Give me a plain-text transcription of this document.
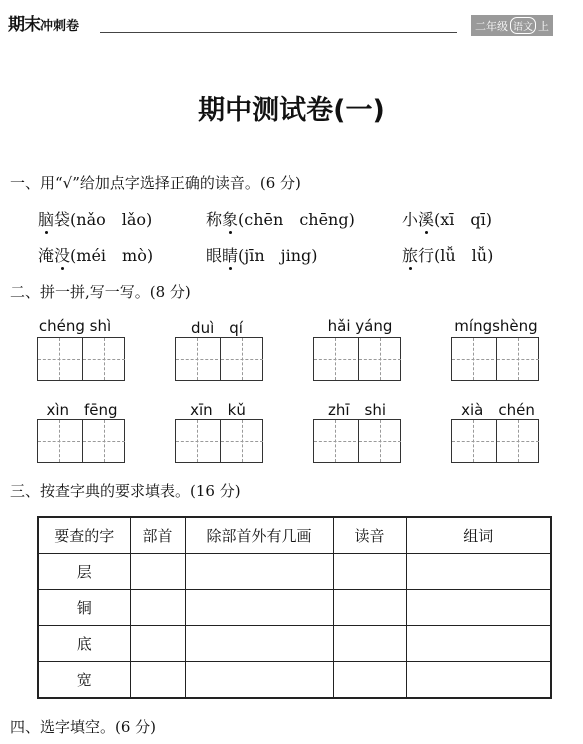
期末冲刺卷	二年级 语文 上
期中测试卷(一)
一、用“√”给加点字选择正确的读音。(6 分)
脑袋(nǎo　lǎo)	称象(chēn　chēng)	小溪(xī　qī)
淹没(méi　mò)	眼睛(jīn　jing)	旅行(lǚ　lǚ)
二、拼一拼,写一写。(8 分)
chéng shì	duì　qí	hǎi yáng	míngshèng
xìn　fēng	xīn　kǔ	zhī　shi	xià　chén
三、按查字典的要求填表。(16 分)
要查的字	部首	除部首外有几画	读音	组词
层				
铜				
底				
宽				
四、选字填空。(6 分)
